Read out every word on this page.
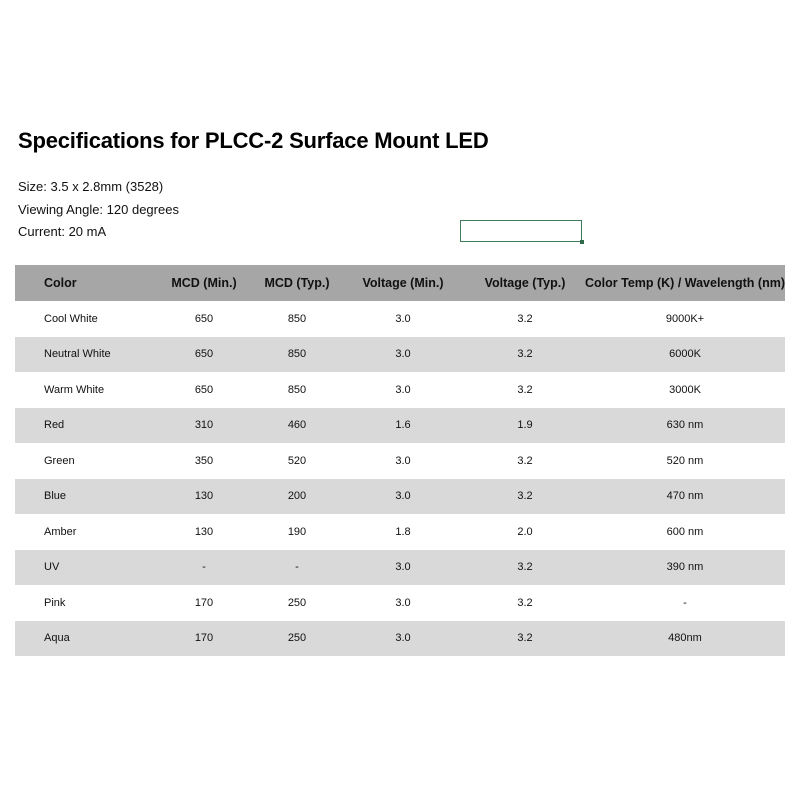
Specifications for PLCC-2 Surface Mount LED
Size: 3.5 x 2.8mm (3528)
Viewing Angle: 120 degrees
Current: 20 mA
Color	MCD (Min.)	MCD (Typ.)	Voltage (Min.)	Voltage (Typ.)	Color Temp (K) / Wavelength (nm)
Cool White	650	850	3.0	3.2	9000K+
Neutral White	650	850	3.0	3.2	6000K
Warm White	650	850	3.0	3.2	3000K
Red	310	460	1.6	1.9	630 nm
Green	350	520	3.0	3.2	520 nm
Blue	130	200	3.0	3.2	470 nm
Amber	130	190	1.8	2.0	600 nm
UV	-	-	3.0	3.2	390 nm
Pink	170	250	3.0	3.2	-
Aqua	170	250	3.0	3.2	480nm
